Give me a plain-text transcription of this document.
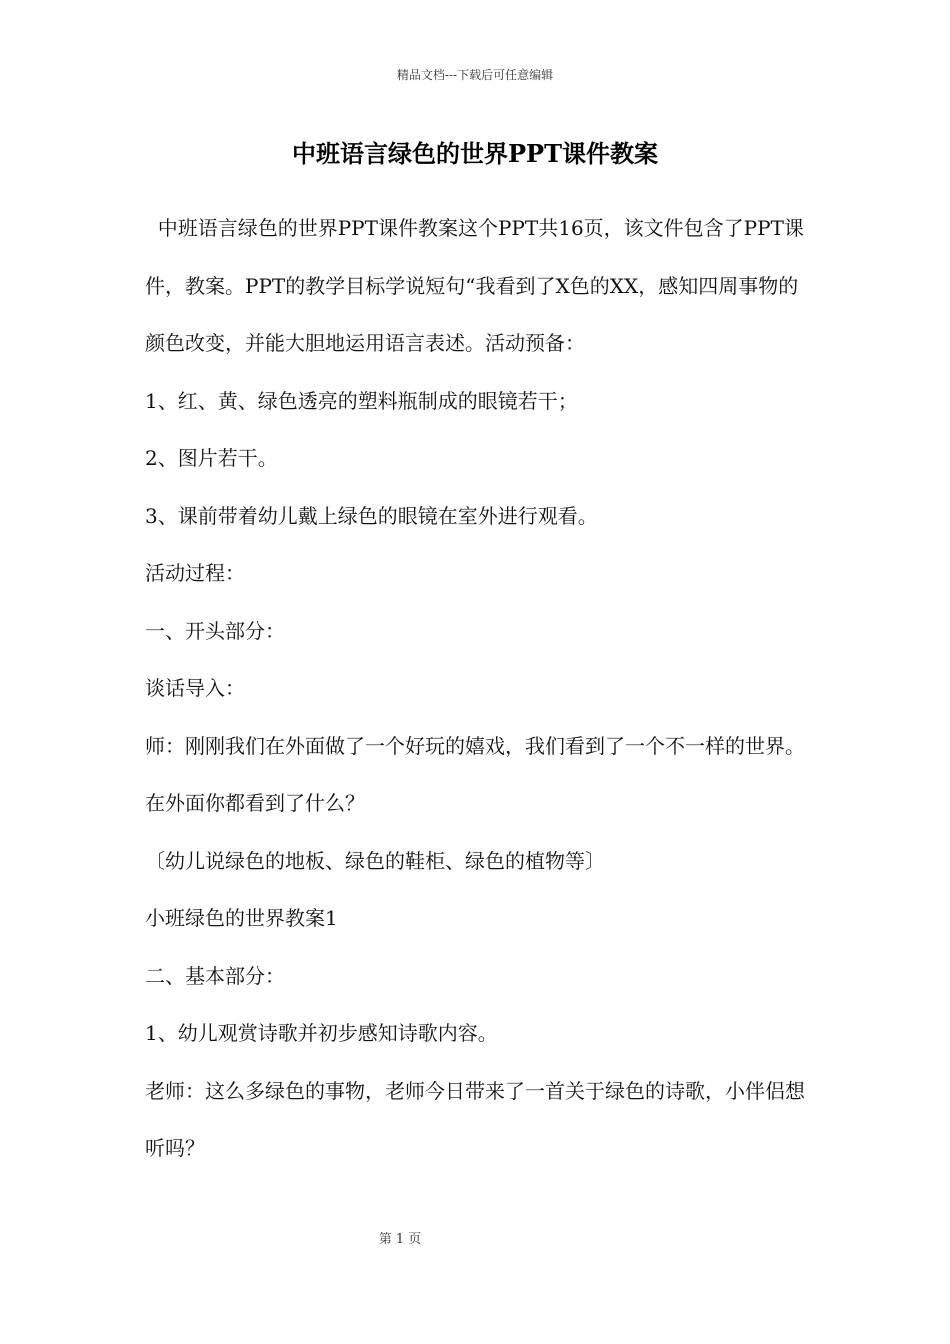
精品文档---下载后可任意编辑
中班语言绿色的世界PPT课件教案

中班语言绿色的世界PPT课件教案这个PPT共16页，该文件包含了PPT课件，教案。PPT的教学目标学说短句“我看到了X色的XX，感知四周事物的颜色改变，并能大胆地运用语言表述。活动预备：

1、红、黄、绿色透亮的塑料瓶制成的眼镜若干；

2、图片若干。

3、课前带着幼儿戴上绿色的眼镜在室外进行观看。

活动过程：

一、开头部分：

谈话导入：

师：刚刚我们在外面做了一个好玩的嬉戏，我们看到了一个不一样的世界。在外面你都看到了什么？

〔幼儿说绿色的地板、绿色的鞋柜、绿色的植物等〕

小班绿色的世界教案1

二、基本部分：

1、幼儿观赏诗歌并初步感知诗歌内容。

老师：这么多绿色的事物，老师今日带来了一首关于绿色的诗歌，小伴侣想听吗？

第 1 页
